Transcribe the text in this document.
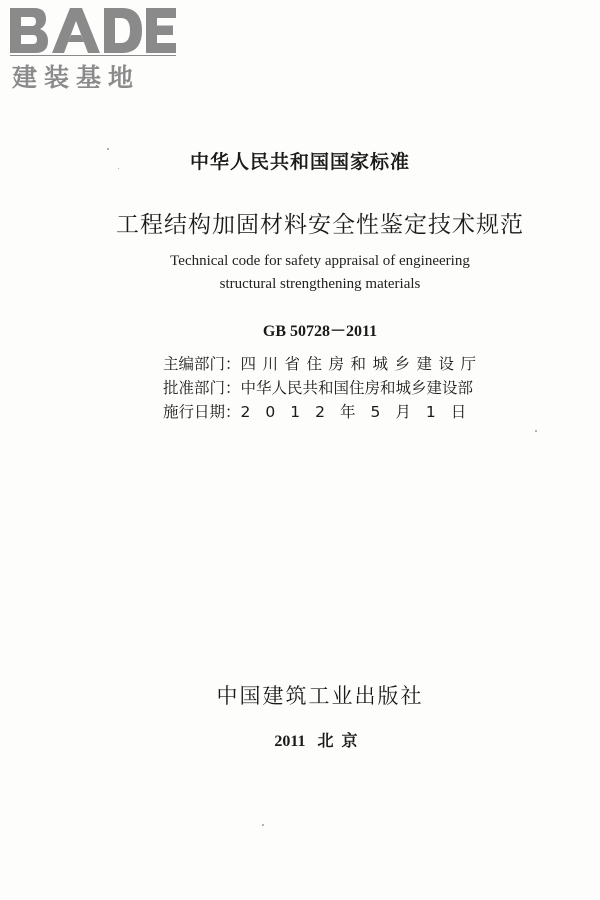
建装基地
中华人民共和国国家标准
工程结构加固材料安全性鉴定技术规范
Technical code for safety appraisal of engineering
structural strengthening materials
GB 50728－2011
主编部门：四川省住房和城乡建设厅
批准部门：中华人民共和国住房和城乡建设部
施行日期：2012年5月1日
中国建筑工业出版社
2011 北京
